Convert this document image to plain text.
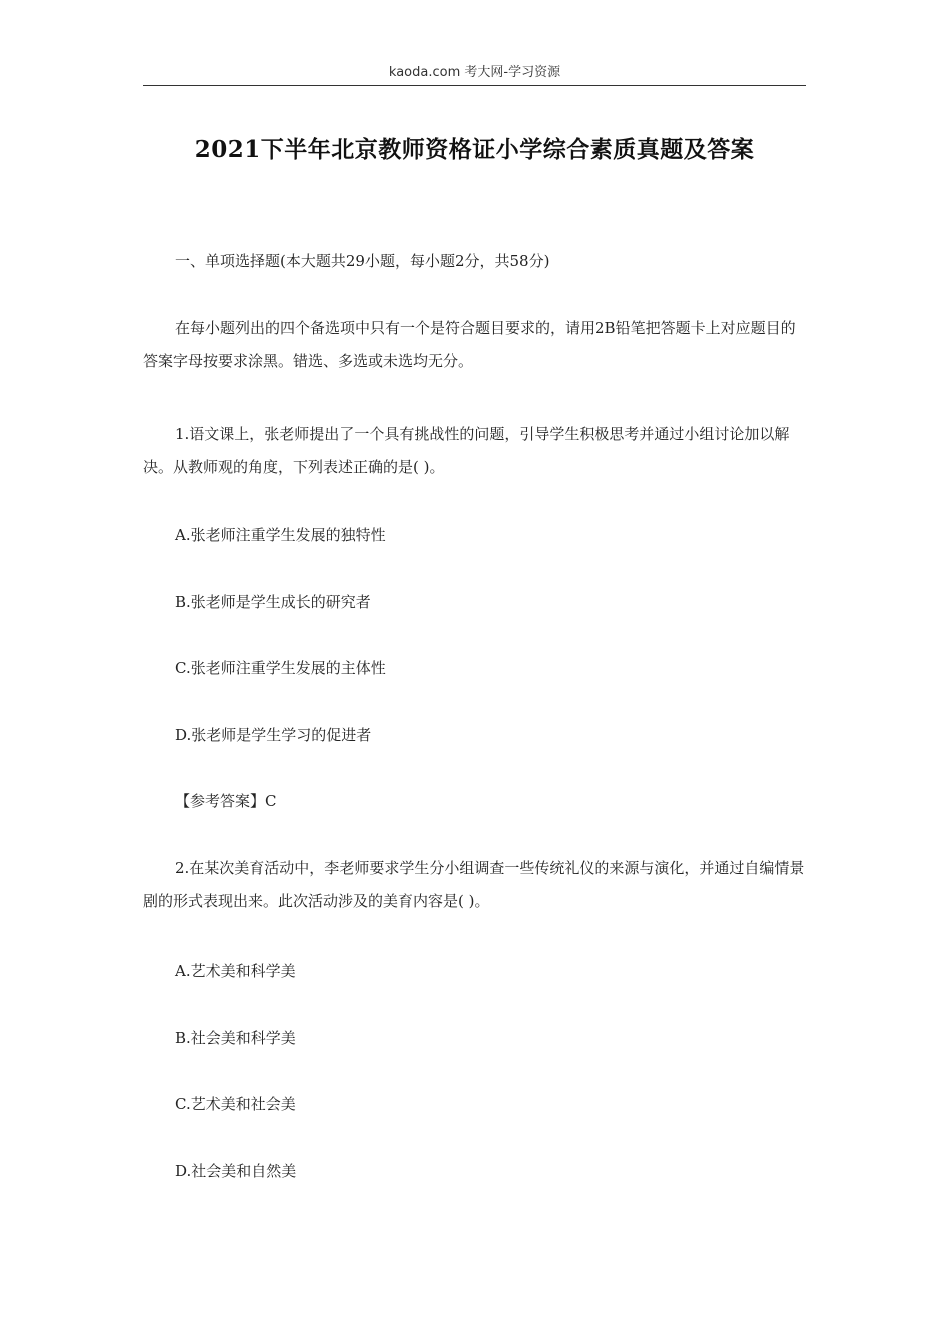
kaoda.com 考大网-学习资源
2021下半年北京教师资格证小学综合素质真题及答案

一、单项选择题(本大题共29小题，每小题2分，共58分)

在每小题列出的四个备选项中只有一个是符合题目要求的，请用2B铅笔把答题卡上对应题目的答案字母按要求涂黑。错选、多选或未选均无分。

1.语文课上，张老师提出了一个具有挑战性的问题，引导学生积极思考并通过小组讨论加以解决。从教师观的角度，下列表述正确的是( )。

A.张老师注重学生发展的独特性

B.张老师是学生成长的研究者

C.张老师注重学生发展的主体性

D.张老师是学生学习的促进者

【参考答案】C

2.在某次美育活动中，李老师要求学生分小组调查一些传统礼仪的来源与演化，并通过自编情景剧的形式表现出来。此次活动涉及的美育内容是( )。

A.艺术美和科学美

B.社会美和科学美

C.艺术美和社会美

D.社会美和自然美
